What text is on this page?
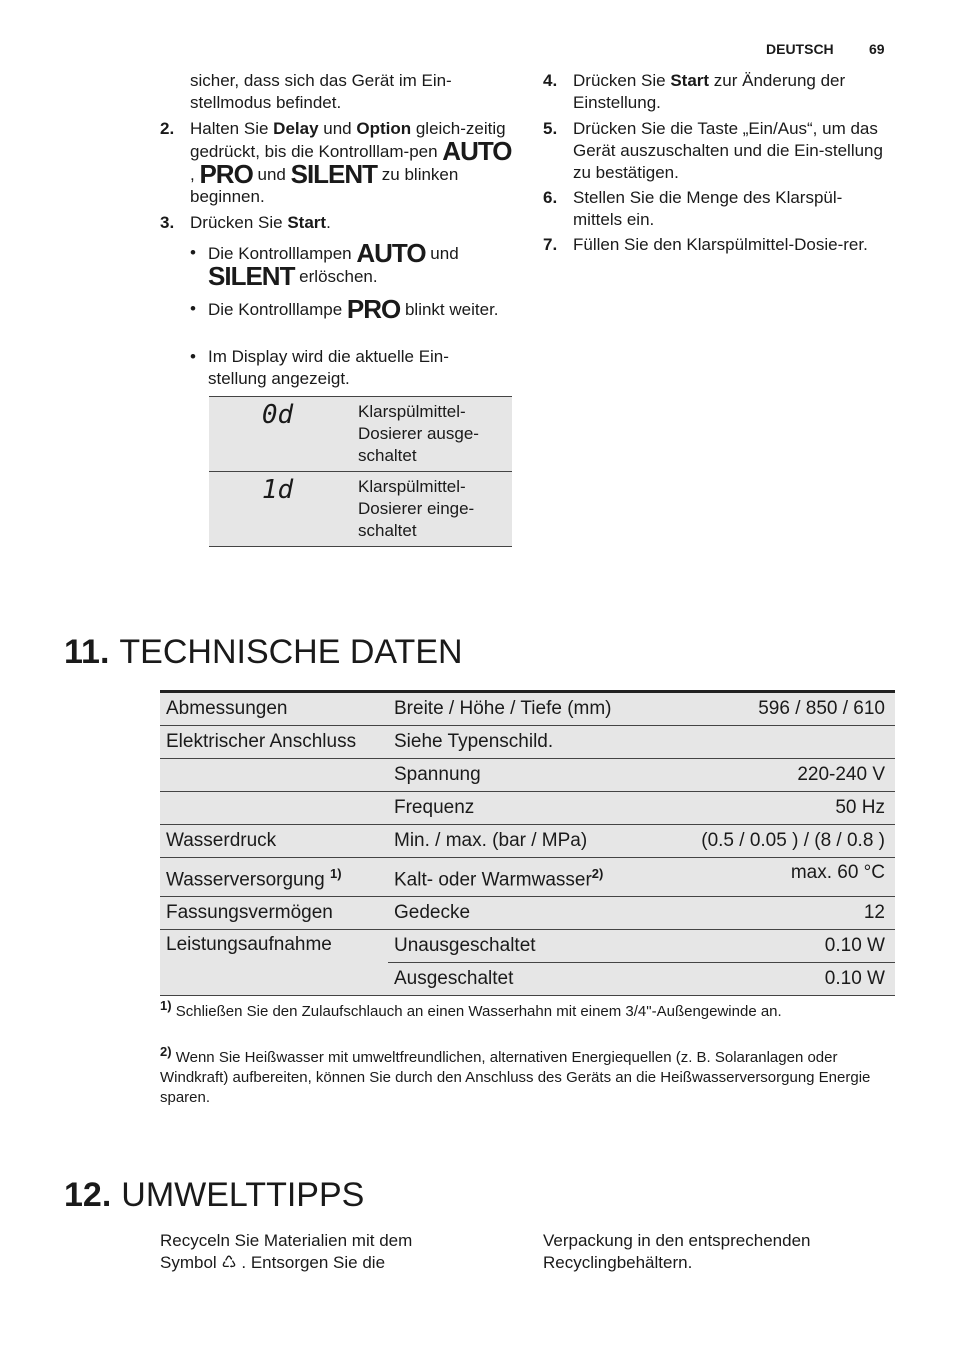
DEUTSCH	69
sicher, dass sich das Gerät im Ein-stellmodus befindet.
2. Halten Sie Delay und Option gleich-zeitig gedrückt, bis die Kontrolllam-pen AUTO , PRO und SILENT zu blinken beginnen.
3. Drücken Sie Start.
• Die Kontrolllampen AUTO und
SILENT erlöschen.
• Die Kontrolllampe PRO blinkt weiter.
• Im Display wird die aktuelle Ein-stellung angezeigt.
0d	Klarspülmittel-Dosierer ausge-schaltet
1d	Klarspülmittel-Dosierer einge-schaltet
4. Drücken Sie Start zur Änderung der Einstellung.
5. Drücken Sie die Taste „Ein/Aus“, um das Gerät auszuschalten und die Ein-stellung zu bestätigen.
6. Stellen Sie die Menge des Klarspül-mittels ein.
7. Füllen Sie den Klarspülmittel-Dosie-rer.
11. TECHNISCHE DATEN
Abmessungen	Breite / Höhe / Tiefe (mm)	596 / 850 / 610
Elektrischer Anschluss	Siehe Typenschild.	
	Spannung	220-240 V
	Frequenz	50 Hz
Wasserdruck	Min. / max. (bar / MPa)	(0.5 / 0.05 ) / (8 / 0.8 )
Wasserversorgung $^{1)}$	Kalt- oder Warmwasser$^{2)}$	max. 60 °C
Fassungsvermögen	Gedecke	12
Leistungsaufnahme	Unausgeschaltet	0.10 W
	Ausgeschaltet	0.10 W
1) Schließen Sie den Zulaufschlauch an einen Wasserhahn mit einem 3/4"-Außengewinde an.
2) Wenn Sie Heißwasser mit umweltfreundlichen, alternativen Energiequellen (z. B. Solaranlagen oder Windkraft) aufbereiten, können Sie durch den Anschluss des Geräts an die Heißwasserversorgung Energie sparen.
12. UMWELTTIPPS
Recyceln Sie Materialien mit dem Symbol ♺ . Entsorgen Sie die
Verpackung in den entsprechenden Recyclingbehältern.
